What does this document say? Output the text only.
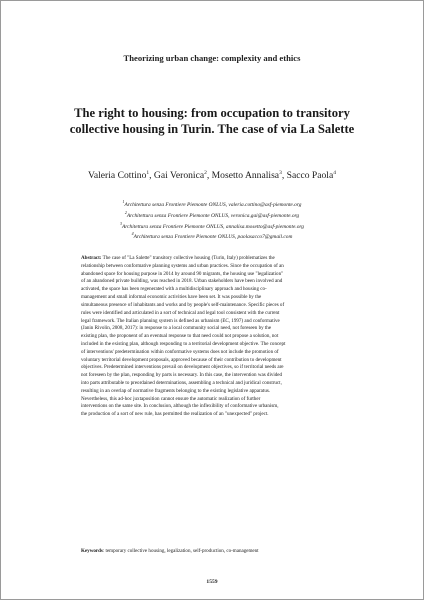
Theorizing urban change: complexity and ethics
The right to housing: from occupation to transitory
collective housing in Turin. The case of via La Salette
Valeria Cottino$^1$, Gai Veronica$^2$, Mosetto Annalisa$^3$, Sacco Paola$^4$
$^1$Architettura senza Frontiere Piemonte ONLUS, valeria.cottino@asf-piemonte.org
$^2$Architettura senza Frontiere Piemonte ONLUS, veronica.gai@asf-piemonte.org
$^3$Architettura senza Frontiere Piemonte ONLUS, annalisa.mosetto@asf-piemonte.org
$^4$Architettura senza Frontiere Piemonte ONLUS, paolasacco7@gmail.com
Abstract: The case of "La Salette" transitory collective housing (Turin, Italy) problematizes the
relationship between conformative planning systems and urban practices. Since the occupation of an
abandoned space for housing purpose in 2014 by around 90 migrants, the housing use "legalization"
of an abandoned private building, was reached in 2018. Urban stakeholders have been involved and
activated, the space has been regenerated with a multidisciplinary approach and housing co-
management and small informal economic activities have been set. It was possible by the
simultaneous presence of inhabitants and works and by people's self-maintenance. Specific pieces of
rules were identified and articulated in a sort of technical and legal tool consistent with the current
legal framework. The Italian planning system is defined as urbanism (EC, 1997) and conformative
(Janin Rivolin, 2008, 2017): in response to a local community social need, not foreseen by the
existing plan, the proponent of an eventual response to that need could not propose a solution, not
included in the existing plan, although responding to a territorial development objective. The concept
of interventions' predetermination within conformative systems does not include the promotion of
voluntary territorial development proposals, approved because of their contribution to development
objectives. Predetermined interventions prevail on development objectives, so if territorial needs are
not foreseen by the plan, responding by parts is necessary. In this case, the intervention was divided
into parts attributable to preordained determinations, assembling a technical and juridical construct,
resulting in an overlap of normative fragments belonging to the existing legislative apparatus.
Nevertheless, this ad-hoc juxtaposition cannot ensure the automatic realization of further
interventions on the same site. In conclusion, although the inflexibility of conformative urbanism,
the production of a sort of new rule, has permitted the realization of an "unexpected" project.
Keywords: temporary collective housing, legalization, self-production, co-management
1559
